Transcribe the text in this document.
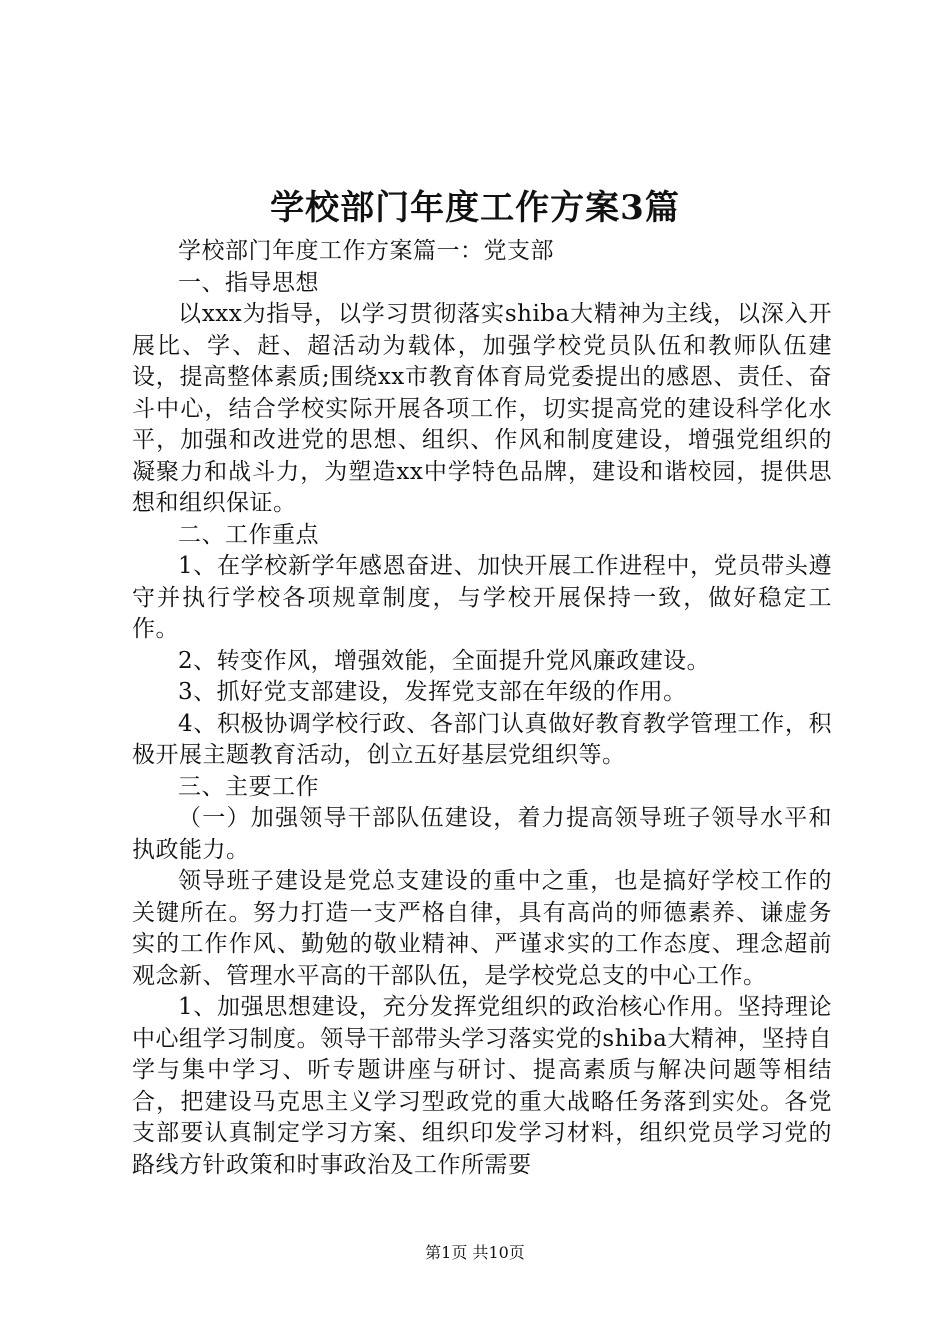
学校部门年度工作方案3篇

学校部门年度工作方案篇一：党支部

一、指导思想

以xxx为指导，以学习贯彻落实shiba大精神为主线，以深入开展比、学、赶、超活动为载体，加强学校党员队伍和教师队伍建设，提高整体素质;围绕xx市教育体育局党委提出的感恩、责任、奋斗中心，结合学校实际开展各项工作，切实提高党的建设科学化水平，加强和改进党的思想、组织、作风和制度建设，增强党组织的凝聚力和战斗力，为塑造xx中学特色品牌，建设和谐校园，提供思想和组织保证。

二、工作重点

1、在学校新学年感恩奋进、加快开展工作进程中，党员带头遵守并执行学校各项规章制度，与学校开展保持一致，做好稳定工作。

2、转变作风，增强效能，全面提升党风廉政建设。

3、抓好党支部建设，发挥党支部在年级的作用。

4、积极协调学校行政、各部门认真做好教育教学管理工作，积极开展主题教育活动，创立五好基层党组织等。

三、主要工作

（一）加强领导干部队伍建设，着力提高领导班子领导水平和执政能力。

领导班子建设是党总支建设的重中之重，也是搞好学校工作的关键所在。努力打造一支严格自律，具有高尚的师德素养、谦虚务实的工作作风、勤勉的敬业精神、严谨求实的工作态度、理念超前观念新、管理水平高的干部队伍，是学校党总支的中心工作。

1、加强思想建设，充分发挥党组织的政治核心作用。坚持理论中心组学习制度。领导干部带头学习落实党的shiba大精神，坚持自学与集中学习、听专题讲座与研讨、提高素质与解决问题等相结合，把建设马克思主义学习型政党的重大战略任务落到实处。各党支部要认真制定学习方案、组织印发学习材料，组织党员学习党的路线方针政策和时事政治及工作所需要

第1页 共10页
